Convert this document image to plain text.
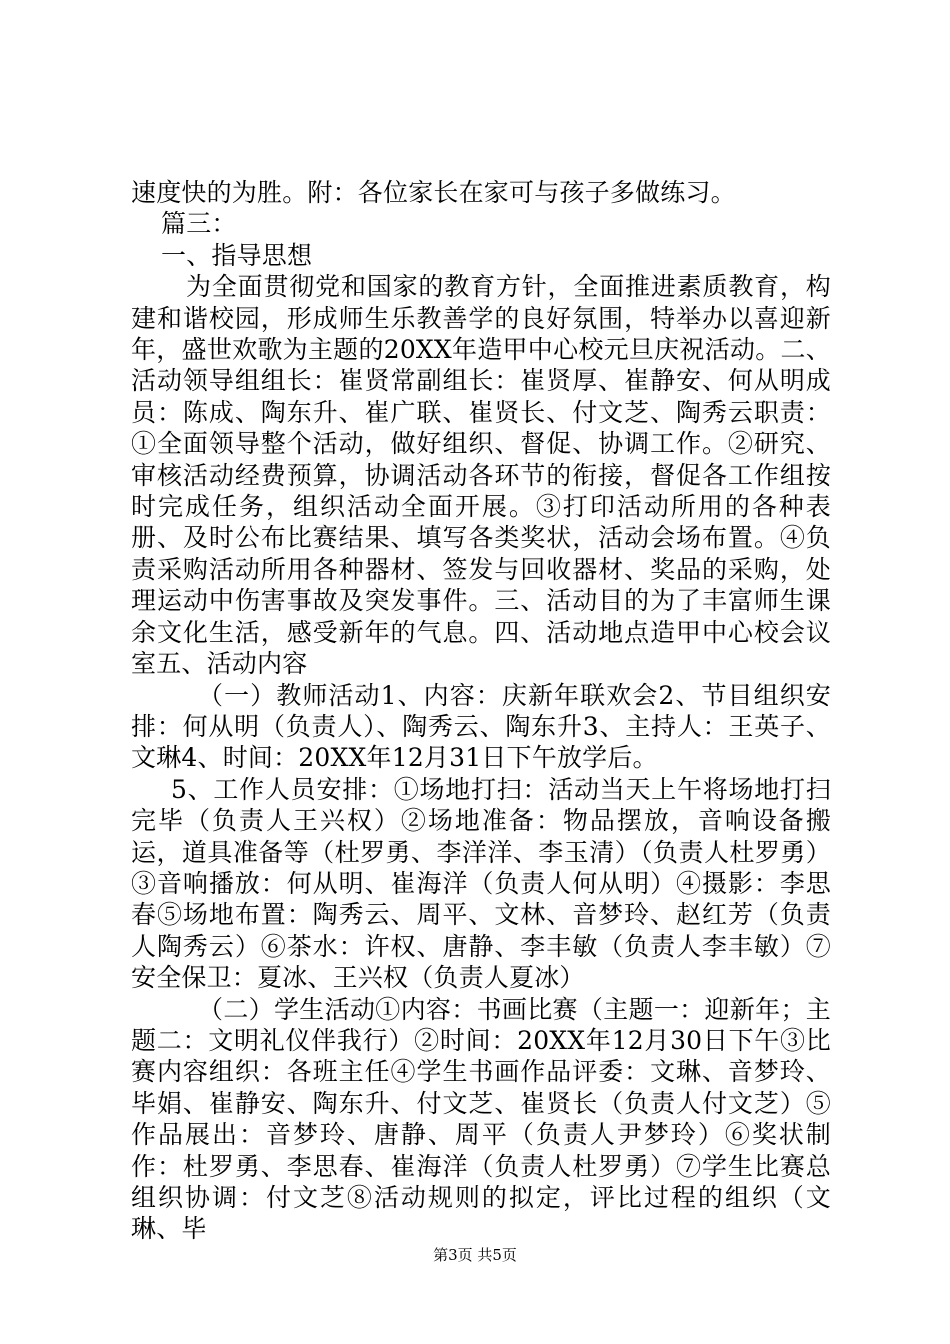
速度快的为胜。附：各位家长在家可与孩子多做练习。

篇三：

一、指导思想

为全面贯彻党和国家的教育方针，全面推进素质教育，构建和谐校园，形成师生乐教善学的良好氛围，特举办以喜迎新年，盛世欢歌为主题的20XX年造甲中心校元旦庆祝活动。二、活动领导组组长：崔贤常副组长：崔贤厚、崔静安、何从明成员：陈成、陶东升、崔广联、崔贤长、付文芝、陶秀云职责：①全面领导整个活动，做好组织、督促、协调工作。②研究、审核活动经费预算，协调活动各环节的衔接，督促各工作组按时完成任务，组织活动全面开展。③打印活动所用的各种表册、及时公布比赛结果、填写各类奖状，活动会场布置。④负责采购活动所用各种器材、签发与回收器材、奖品的采购，处理运动中伤害事故及突发事件。三、活动目的为了丰富师生课余文化生活，感受新年的气息。四、活动地点造甲中心校会议室五、活动内容

（一）教师活动1、内容：庆新年联欢会2、节目组织安排：何从明（负责人）、陶秀云、陶东升3、主持人：王英子、文琳4、时间：20XX年12月31日下午放学后。

5、工作人员安排：①场地打扫：活动当天上午将场地打扫完毕（负责人王兴权）②场地准备：物品摆放，音响设备搬运，道具准备等（杜罗勇、李洋洋、李玉清）（负责人杜罗勇）③音响播放：何从明、崔海洋（负责人何从明）④摄影：李思春⑤场地布置：陶秀云、周平、文林、音梦玲、赵红芳（负责人陶秀云）⑥茶水：许权、唐静、李丰敏（负责人李丰敏）⑦安全保卫：夏冰、王兴权（负责人夏冰）

（二）学生活动①内容：书画比赛（主题一：迎新年；主题二：文明礼仪伴我行）②时间：20XX年12月30日下午③比赛内容组织：各班主任④学生书画作品评委：文琳、音梦玲、毕娟、崔静安、陶东升、付文芝、崔贤长（负责人付文芝）⑤作品展出：音梦玲、唐静、周平（负责人尹梦玲）⑥奖状制作：杜罗勇、李思春、崔海洋（负责人杜罗勇）⑦学生比赛总组织协调：付文芝⑧活动规则的拟定，评比过程的组织（文琳、毕

第3页 共5页
